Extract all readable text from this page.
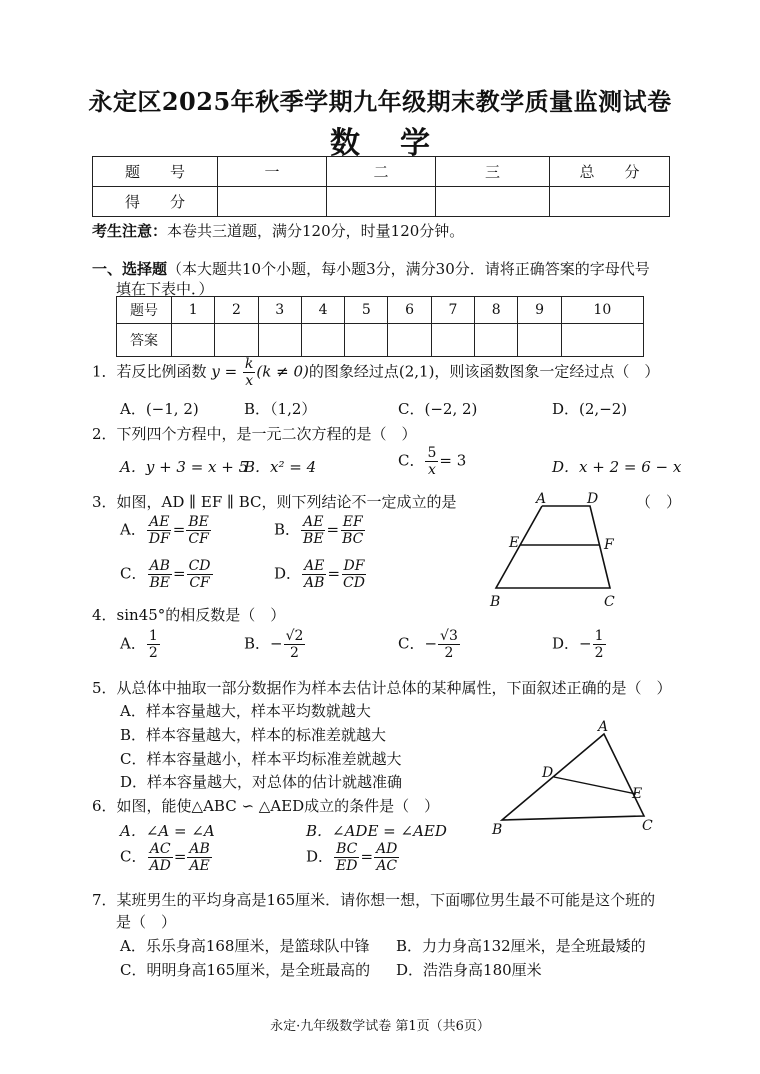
永定区2025年秋季学期九年级期末教学质量监测试卷
数学
题　　号	一	二	三	总　　分
得　　分				
考生注意：本卷共三道题，满分120分，时量120分钟。
一、选择题（本大题共10个小题，每小题3分，满分30分．请将正确答案的字母代号
填在下表中．）
题号	1	2	3	4	5	6	7	8	9	10
答案										
1．若反比例函数 $y = \frac{k}{x} (k \ne 0)$的图象经过点(2,1)，则该函数图象一定经过点（　）
A．(−1, 2)	B．（1,2）	C．(−2, 2)	D．(2,−2)
2．下列四个方程中，是一元二次方程的是（　）
A．y + 3 = x + 5
B．x² = 4	C． $\frac{5}{x} = 3$	D．x + 2 = 6 − x
3．如图，AD ∥ EF ∥ BC，则下列结论不一定成立的是	（　）
A． $\frac{AE}{DF} = \frac{BE}{CF}$	B． $\frac{AE}{BE} = \frac{EF}{BC}$
C． $\frac{AB}{BE} = \frac{CD}{CF}$	D． $\frac{AE}{AB} = \frac{DF}{CD}$
A	D
E	F
B	C
4．sin45°的相反数是（　）
A． $\frac{1}{2}$	B．− $\frac{√2}{2}$	C．− $\frac{√3}{2}$	D．− $\frac{1}{2}$
5．从总体中抽取一部分数据作为样本去估计总体的某种属性，下面叙述正确的是（　）
A．样本容量越大，样本平均数就越大
B．样本容量越大，样本的标准差就越大
C．样本容量越小，样本平均标准差就越大
D．样本容量越大，对总体的估计就越准确
A
D
E
B	C
6．如图，能使△ABC ∽ △AED成立的条件是（　）
A．∠A = ∠A	B．∠ADE = ∠AED
C． $\frac{AC}{AD} = \frac{AB}{AE}$	D． $\frac{BC}{ED} = \frac{AD}{AC}$
7．某班男生的平均身高是165厘米．请你想一想，下面哪位男生最不可能是这个班的
是（　）
A．乐乐身高168厘米，是篮球队中锋 B．力力身高132厘米，是全班最矮的
C．明明身高165厘米，是全班最高的 D．浩浩身高180厘米
永定·九年级数学试卷 第1页（共6页）
